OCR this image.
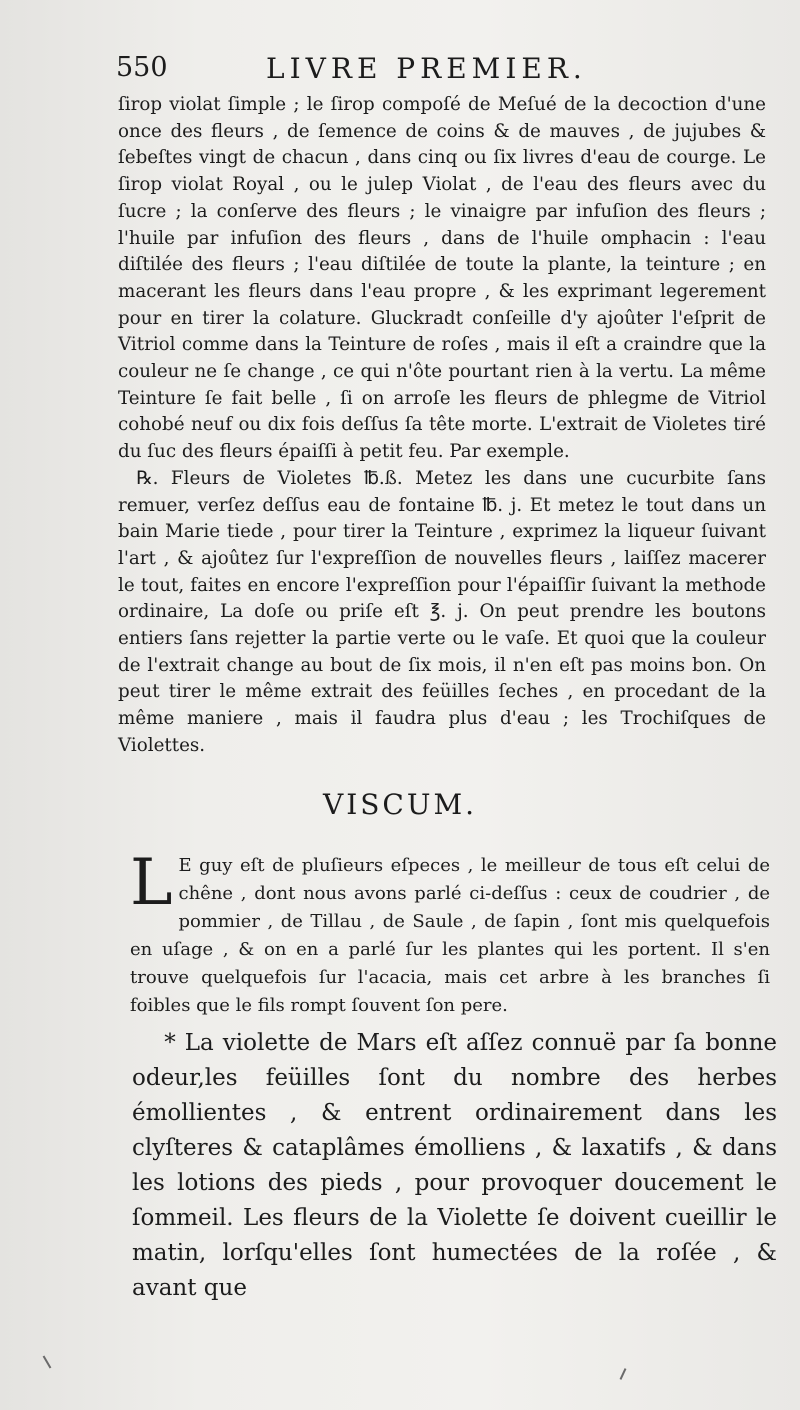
550	LIVRE PREMIER.

ſirop violat ſimple ; le ſirop compoſé de Meſué de la decoction d'une once des fleurs , de ſemence de coins & de mauves , de jujubes & ſebeſtes vingt de chacun , dans cinq ou ſix livres d'eau de courge. Le ſirop violat Royal , ou le julep Violat , de l'eau des fleurs avec du ſucre ; la conſerve des fleurs ; le vinaigre par infuſion des fleurs ; l'huile par infuſion des fleurs , dans de l'huile omphacin : l'eau diſtilée des fleurs ; l'eau diſtilée de toute la plante, la teinture ; en macerant les fleurs dans l'eau propre , & les exprimant legerement pour en tirer la colature. Gluckradt conſeille d'y ajoûter l'eſprit de Vitriol comme dans la Teinture de roſes , mais il eſt a craindre que la couleur ne ſe change , ce qui n'ôte pourtant rien à la vertu. La même Teinture ſe fait belle , ſi on arroſe les fleurs de phlegme de Vitriol cohobé neuf ou dix fois deſſus ſa tête morte. L'extrait de Violetes tiré du ſuc des fleurs épaiſſi à petit feu. Par exemple.

℞. Fleurs de Violetes ℔.ß. Metez les dans une cucurbite ſans remuer, verſez deſſus eau de fontaine ℔. j. Et metez le tout dans un bain Marie tiede , pour tirer la Teinture , exprimez la liqueur ſuivant l'art , & ajoûtez ſur l'expreſſion de nouvelles fleurs , laiſſez macerer le tout, faites en encore l'expreſſion pour l'épaiſſir ſuivant la methode ordinaire, La doſe ou priſe eſt ℥. j. On peut prendre les boutons entiers ſans rejetter la partie verte ou le vaſe. Et quoi que la couleur de l'extrait change au bout de ſix mois, il n'en eſt pas moins bon. On peut tirer le même extrait des feüilles ſeches , en procedant de la même maniere , mais il faudra plus d'eau ; les Trochiſques de Violettes.

VISCUM.

L E guy eſt de pluſieurs eſpeces , le meilleur de tous eſt celui de chêne , dont nous avons parlé ci-deſſus : ceux de coudrier , de pommier , de Tillau , de Saule , de ſapin , ſont mis quelquefois en uſage , & on en a parlé ſur les plantes qui les portent. Il s'en trouve quelquefois ſur l'acacia, mais cet arbre à les branches ſi foibles que le fils rompt ſouvent ſon pere.

* La violette de Mars eſt aſſez connuë par ſa bonne odeur,les feüilles ſont du nombre des herbes émollientes , & entrent ordinairement dans les clyſteres & cataplâmes émolliens , & laxatifs , & dans les lotions des pieds , pour provoquer doucement le ſommeil. Les fleurs de la Violette ſe doivent cueillir le matin, lorſqu'elles ſont humectées de la roſée , & avant que
